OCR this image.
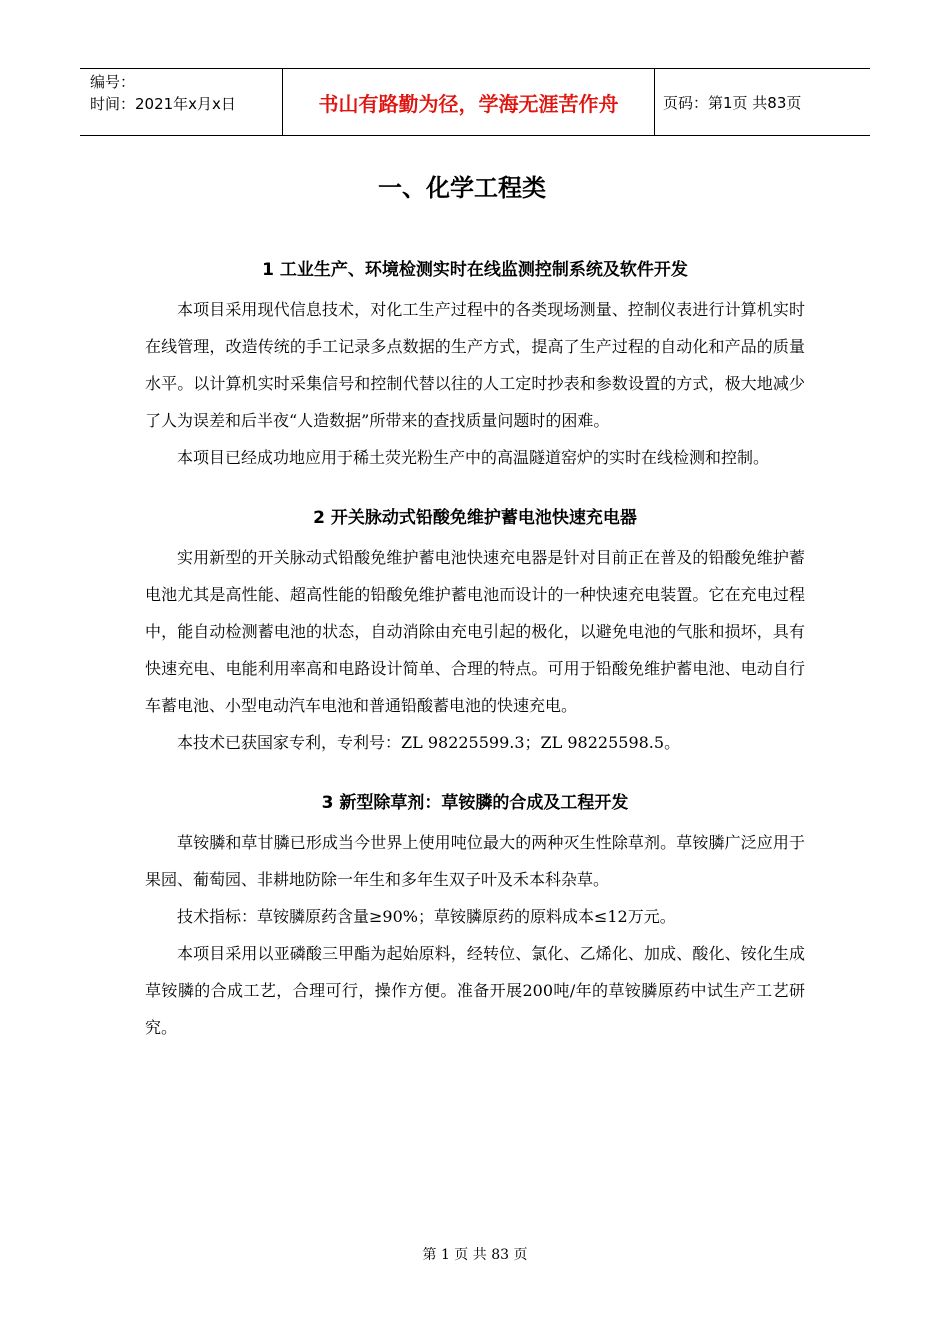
编号：
时间：2021年x月x日	书山有路勤为径，学海无涯苦作舟	页码：第1页 共83页
一、化学工程类
1 工业生产、环境检测实时在线监测控制系统及软件开发

本项目采用现代信息技术，对化工生产过程中的各类现场测量、控制仪表进行计算机实时在线管理，改造传统的手工记录多点数据的生产方式，提高了生产过程的自动化和产品的质量水平。以计算机实时采集信号和控制代替以往的人工定时抄表和参数设置的方式，极大地减少了人为误差和后半夜“人造数据”所带来的查找质量问题时的困难。

本项目已经成功地应用于稀土荧光粉生产中的高温隧道窑炉的实时在线检测和控制。

2 开关脉动式铅酸免维护蓄电池快速充电器

实用新型的开关脉动式铅酸免维护蓄电池快速充电器是针对目前正在普及的铅酸免维护蓄电池尤其是高性能、超高性能的铅酸免维护蓄电池而设计的一种快速充电装置。它在充电过程中，能自动检测蓄电池的状态，自动消除由充电引起的极化，以避免电池的气胀和损坏，具有快速充电、电能利用率高和电路设计简单、合理的特点。可用于铅酸免维护蓄电池、电动自行车蓄电池、小型电动汽车电池和普通铅酸蓄电池的快速充电。

本技术已获国家专利，专利号：ZL 98225599.3；ZL 98225598.5。

3 新型除草剂：草铵膦的合成及工程开发

草铵膦和草甘膦已形成当今世界上使用吨位最大的两种灭生性除草剂。草铵膦广泛应用于果园、葡萄园、非耕地防除一年生和多年生双子叶及禾本科杂草。

技术指标：草铵膦原药含量≥90%；草铵膦原药的原料成本≤12万元。

本项目采用以亚磷酸三甲酯为起始原料，经转位、氯化、乙烯化、加成、酸化、铵化生成草铵膦的合成工艺，合理可行，操作方便。准备开展200吨/年的草铵膦原药中试生产工艺研究。

第 1 页 共 83 页
